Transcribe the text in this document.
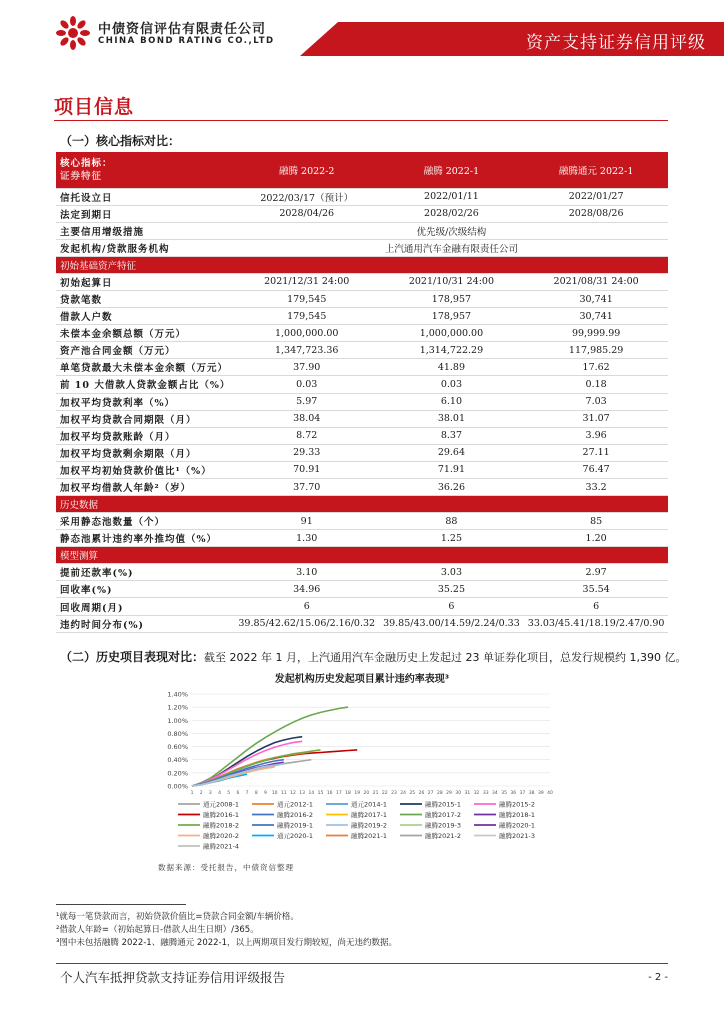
中债资信评估有限责任公司
CHINA BOND RATING CO.,LTD	资产支持证券信用评级
项目信息
（一）核心指标对比：
核心指标：
证券特征	融腾 2022-2	融腾 2022-1	融腾通元 2022-1
信托设立日	2022/03/17（预计）	2022/01/11	2022/01/27
法定到期日	2028/04/26	2028/02/26	2028/08/26
主要信用增级措施	优先级/次级结构		
发起机构/贷款服务机构	上汽通用汽车金融有限责任公司		
初始基础资产特征			
初始起算日	2021/12/31 24:00	2021/10/31 24:00	2021/08/31 24:00
贷款笔数	179,545	178,957	30,741
借款人户数	179,545	178,957	30,741
未偿本金余额总额（万元）	1,000,000.00	1,000,000.00	99,999.99
资产池合同金额（万元）	1,347,723.36	1,314,722.29	117,985.29
单笔贷款最大未偿本金余额（万元）	37.90	41.89	17.62
前 10 大借款人贷款金额占比（%）	0.03	0.03	0.18
加权平均贷款利率（%）	5.97	6.10	7.03
加权平均贷款合同期限（月）	38.04	38.01	31.07
加权平均贷款账龄（月）	8.72	8.37	3.96
加权平均贷款剩余期限（月）	29.33	29.64	27.11
加权平均初始贷款价值比¹（%）	70.91	71.91	76.47
加权平均借款人年龄²（岁）	37.70	36.26	33.2
历史数据			
采用静态池数量（个）	91	88	85
静态池累计违约率外推均值（%）	1.30	1.25	1.20
模型测算			
提前还款率(%)	3.10	3.03	2.97
回收率(%)	34.96	35.25	35.54
回收周期(月)	6	6	6
违约时间分布(%)	39.85/42.62/15.06/2.16/0.32	39.85/43.00/14.59/2.24/0.33	33.03/45.41/18.19/2.47/0.90
（二）历史项目表现对比：截至 2022 年 1 月，上汽通用汽车金融历史上发起过 23 单证券化项目，总发行规模约 1,390 亿。
发起机构历史发起项目累计违约率表现³
1.40%
1.20%
1.00%
0.80%
0.60%
0.40%
0.20%
0.00%
1 2 3 4 5 6 7 8 9 10 11 12 13 14 15 16 17 18 19 20 21 22 23 24 25 26 27 28 29 30 31 32 33 34 35 36 37 38 39 40
通元2008-1	通元2012-1	通元2014-1	融腾2015-1	融腾2015-2
融腾2016-1	融腾2016-2	融腾2017-1	融腾2017-2	融腾2018-1
融腾2018-2	融腾2019-1	融腾2019-2	融腾2019-3	融腾2020-1
融腾2020-2	通元2020-1	融腾2021-1	融腾2021-2	融腾2021-3
融腾2021-4
数据来源：受托报告，中债资信整理
¹就每一笔贷款而言，初始贷款价值比=贷款合同金额/车辆价格。
²借款人年龄=（初始起算日-借款人出生日期）/365。
³图中未包括融腾 2022-1、融腾通元 2022-1，以上两期项目发行期较短，尚无违约数据。
个人汽车抵押贷款支持证券信用评级报告	- 2 -
